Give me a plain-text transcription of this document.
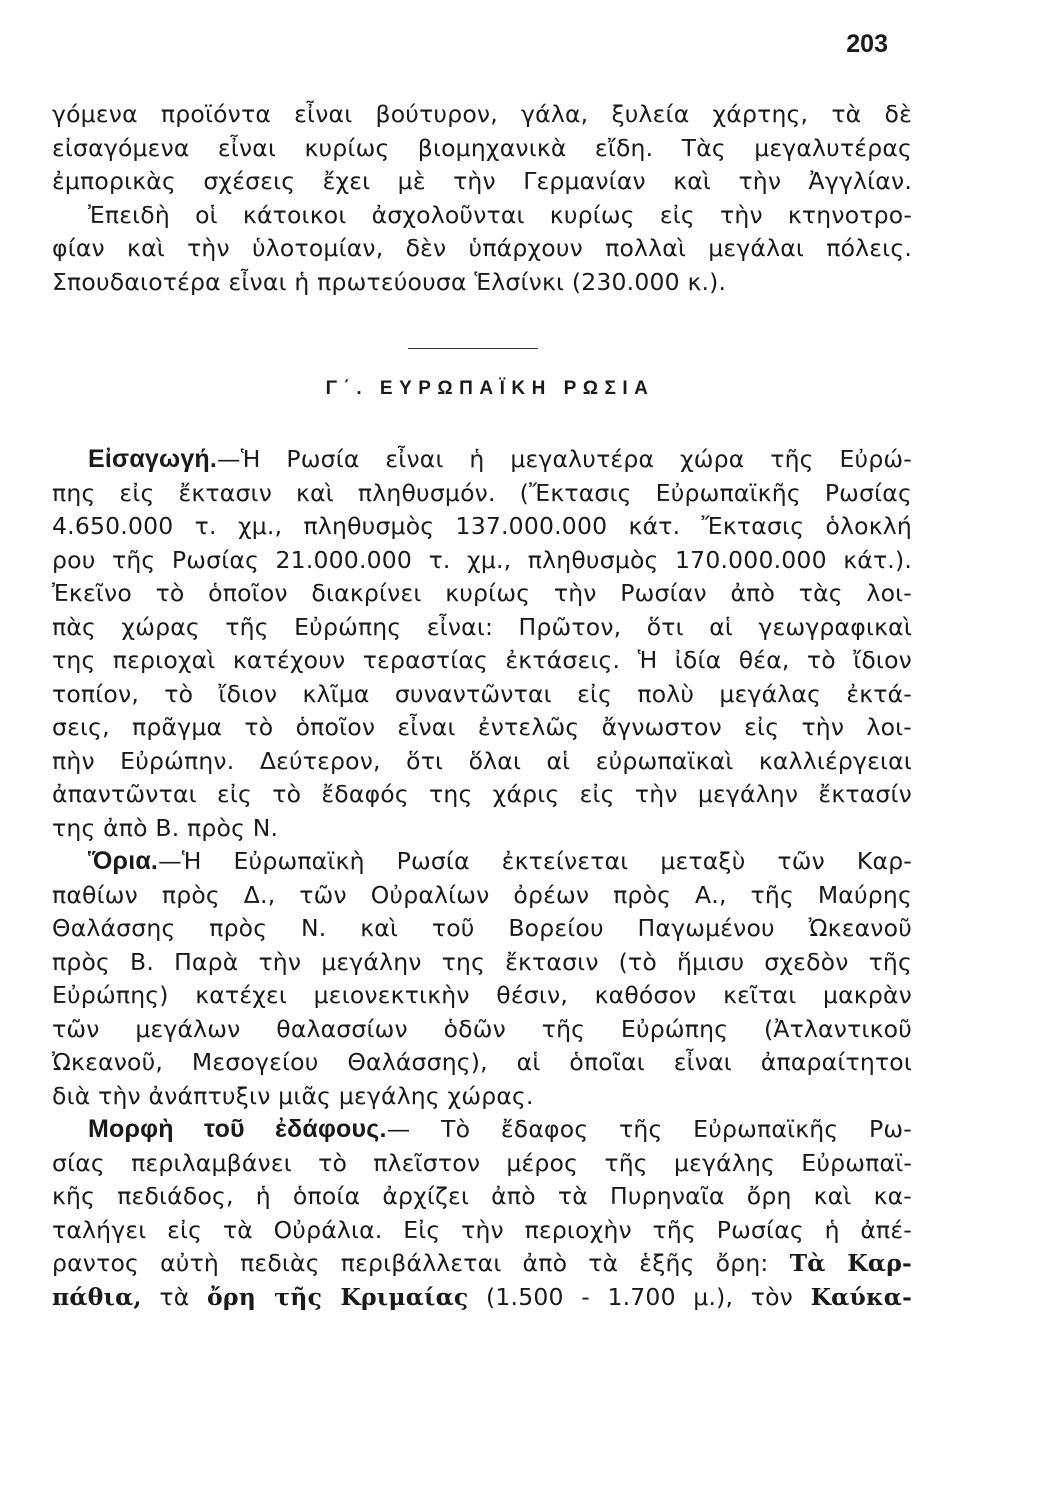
203
γόμενα προϊόντα εἶναι βούτυρον, γάλα, ξυλεία χάρτης, τὰ δὲ
εἰσαγόμενα εἶναι κυρίως βιομηχανικὰ εἴδη. Τὰς μεγαλυτέρας
ἐμπορικὰς σχέσεις ἔχει μὲ τὴν Γερμανίαν καὶ τὴν Ἀγγλίαν.
Ἐπειδὴ οἱ κάτοικοι ἀσχολοῦνται κυρίως εἰς τὴν κτηνοτρο-
φίαν καὶ τὴν ὑλοτομίαν, δὲν ὑπάρχουν πολλαὶ μεγάλαι πόλεις.
Σπουδαιοτέρα εἶναι ἡ πρωτεύουσα Ἑλσίνκι (230.000 κ.).
Γ΄. ΕΥΡΩΠΑΪΚΗ ΡΩΣΙΑ
Εἰσαγωγή.—Ἡ Ρωσία εἶναι ἡ μεγαλυτέρα χώρα τῆς Εὐρώ-
πης εἰς ἔκτασιν καὶ πληθυσμόν. (Ἔκτασις Εὐρωπαϊκῆς Ρωσίας
4.650.000 τ. χμ., πληθυσμὸς 137.000.000 κάτ. Ἔκτασις ὁλοκλή
ρου τῆς Ρωσίας 21.000.000 τ. χμ., πληθυσμὸς 170.000.000 κάτ.).
Ἐκεῖνο τὸ ὁποῖον διακρίνει κυρίως τὴν Ρωσίαν ἀπὸ τὰς λοι-
πὰς χώρας τῆς Εὐρώπης εἶναι: Πρῶτον, ὅτι αἱ γεωγραφικαὶ
της περιοχαὶ κατέχουν τεραστίας ἐκτάσεις. Ἡ ἰδία θέα, τὸ ἴδιον
τοπίον, τὸ ἴδιον κλῖμα συναντῶνται εἰς πολὺ μεγάλας ἐκτά-
σεις, πρᾶγμα τὸ ὁποῖον εἶναι ἐντελῶς ἄγνωστον εἰς τὴν λοι-
πὴν Εὐρώπην. Δεύτερον, ὅτι ὅλαι αἱ εὐρωπαϊκαὶ καλλιέργειαι
ἀπαντῶνται εἰς τὸ ἔδαφός της χάρις εἰς τὴν μεγάλην ἔκτασίν
της ἀπὸ Β. πρὸς Ν.
Ὅρια.—Ἡ Εὐρωπαϊκὴ Ρωσία ἐκτείνεται μεταξὺ τῶν Καρ-
παθίων πρὸς Δ., τῶν Οὐραλίων ὀρέων πρὸς Α., τῆς Μαύρης
Θαλάσσης πρὸς Ν. καὶ τοῦ Βορείου Παγωμένου Ὠκεανοῦ
πρὸς Β. Παρὰ τὴν μεγάλην της ἔκτασιν (τὸ ἥμισυ σχεδὸν τῆς
Εὐρώπης) κατέχει μειονεκτικὴν θέσιν, καθόσον κεῖται μακρὰν
τῶν μεγάλων θαλασσίων ὁδῶν τῆς Εὐρώπης (Ἀτλαντικοῦ
Ὠκεανοῦ, Μεσογείου Θαλάσσης), αἱ ὁποῖαι εἶναι ἀπαραίτητοι
διὰ τὴν ἀνάπτυξιν μιᾶς μεγάλης χώρας.
Μορφὴ τοῦ ἐδάφους.— Τὸ ἔδαφος τῆς Εὐρωπαϊκῆς Ρω-
σίας περιλαμβάνει τὸ πλεῖστον μέρος τῆς μεγάλης Εὐρωπαϊ-
κῆς πεδιάδος, ἡ ὁποία ἀρχίζει ἀπὸ τὰ Πυρηναῖα ὄρη καὶ κα-
ταλήγει εἰς τὰ Οὐράλια. Εἰς τὴν περιοχὴν τῆς Ρωσίας ἡ ἀπέ-
ραντος αὐτὴ πεδιὰς περιβάλλεται ἀπὸ τὰ ἑξῆς ὄρη: Τὰ Καρ-
πάθια, τὰ ὄρη τῆς Κριμαίας (1.500 - 1.700 μ.), τὸν Καύκα-
